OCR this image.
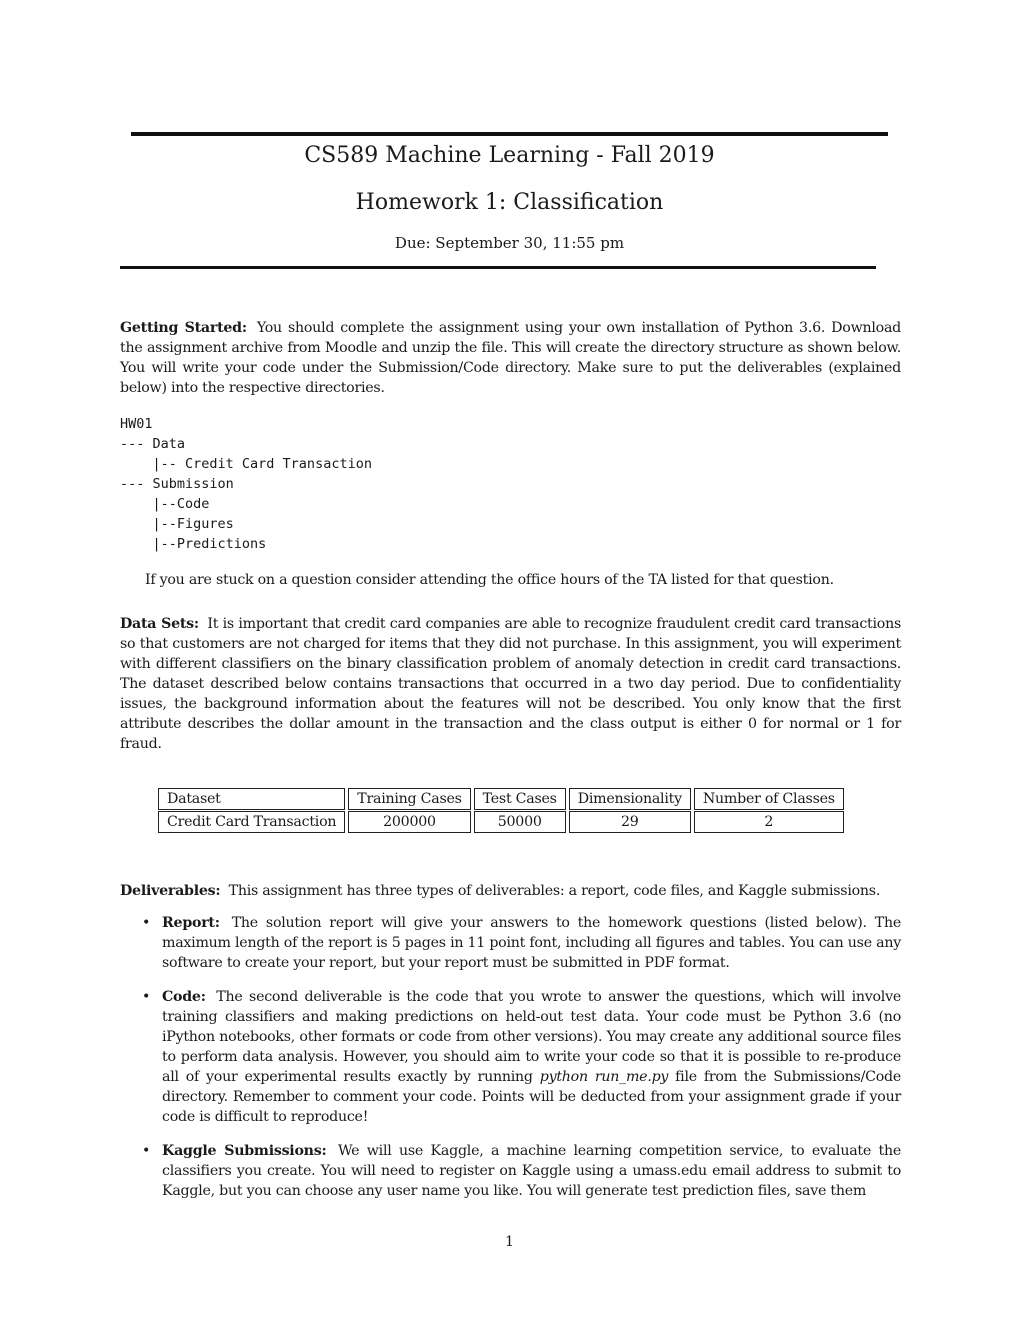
CS589 Machine Learning - Fall 2019
Homework 1: Classification
Due: September 30, 11:55 pm

Getting Started: You should complete the assignment using your own installation of Python 3.6. Download the assignment archive from Moodle and unzip the file. This will create the directory structure as shown below. You will write your code under the Submission/Code directory. Make sure to put the deliverables (explained below) into the respective directories.

HW01
--- Data
|-- Credit Card Transaction
--- Submission
|--Code
|--Figures
|--Predictions

If you are stuck on a question consider attending the office hours of the TA listed for that question.

Data Sets: It is important that credit card companies are able to recognize fraudulent credit card transactions so that customers are not charged for items that they did not purchase. In this assignment, you will experiment with different classifiers on the binary classification problem of anomaly detection in credit card transactions. The dataset described below contains transactions that occurred in a two day period. Due to confidentiality issues, the background information about the features will not be described. You only know that the first attribute describes the dollar amount in the transaction and the class output is either 0 for normal or 1 for fraud.

Dataset	Training Cases	Test Cases	Dimensionality	Number of Classes
Credit Card Transaction	200000	50000	29	2

Deliverables: This assignment has three types of deliverables: a report, code files, and Kaggle submissions.

• Report: The solution report will give your answers to the homework questions (listed below). The maximum length of the report is 5 pages in 11 point font, including all figures and tables. You can use any software to create your report, but your report must be submitted in PDF format.
• Code: The second deliverable is the code that you wrote to answer the questions, which will involve training classifiers and making predictions on held-out test data. Your code must be Python 3.6 (no iPython notebooks, other formats or code from other versions). You may create any additional source files to perform data analysis. However, you should aim to write your code so that it is possible to re-produce all of your experimental results exactly by running python run_me.py file from the Submissions/Code directory. Remember to comment your code. Points will be deducted from your assignment grade if your code is difficult to reproduce!
• Kaggle Submissions: We will use Kaggle, a machine learning competition service, to evaluate the classifiers you create. You will need to register on Kaggle using a umass.edu email address to submit to Kaggle, but you can choose any user name you like. You will generate test prediction files, save them
1
